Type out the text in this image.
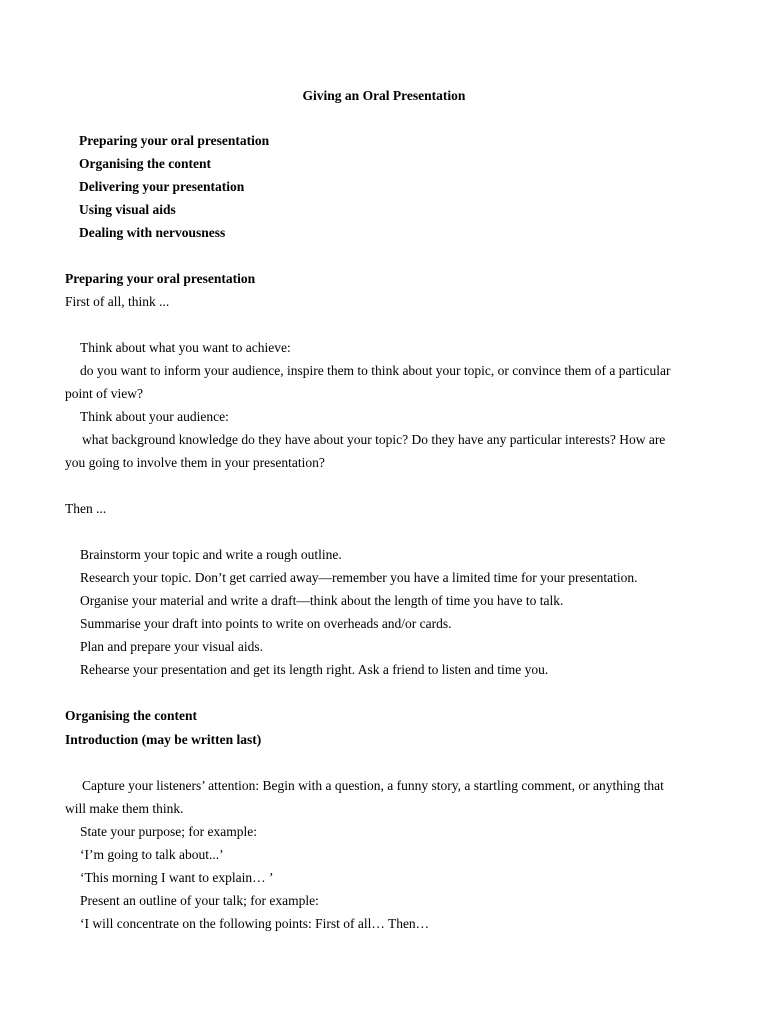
Giving an Oral Presentation
Preparing your oral presentation
Organising the content
Delivering your presentation
Using visual aids
Dealing with nervousness
Preparing your oral presentation
First of all, think ...
Think about what you want to achieve:
do you want to inform your audience, inspire them to think about your topic, or convince them of a particular
point of view?
Think about your audience:
what background knowledge do they have about your topic? Do they have any particular interests? How are
you going to involve them in your presentation?
Then ...
Brainstorm your topic and write a rough outline.
Research your topic. Don’t get carried away—remember you have a limited time for your presentation.
Organise your material and write a draft—think about the length of time you have to talk.
Summarise your draft into points to write on overheads and/or cards.
Plan and prepare your visual aids.
Rehearse your presentation and get its length right. Ask a friend to listen and time you.
Organising the content
Introduction (may be written last)
Capture your listeners’ attention: Begin with a question, a funny story, a startling comment, or anything that
will make them think.
State your purpose; for example:
‘I’m going to talk about...’
‘This morning I want to explain… ’
Present an outline of your talk; for example:
‘I will concentrate on the following points: First of all… Then…
